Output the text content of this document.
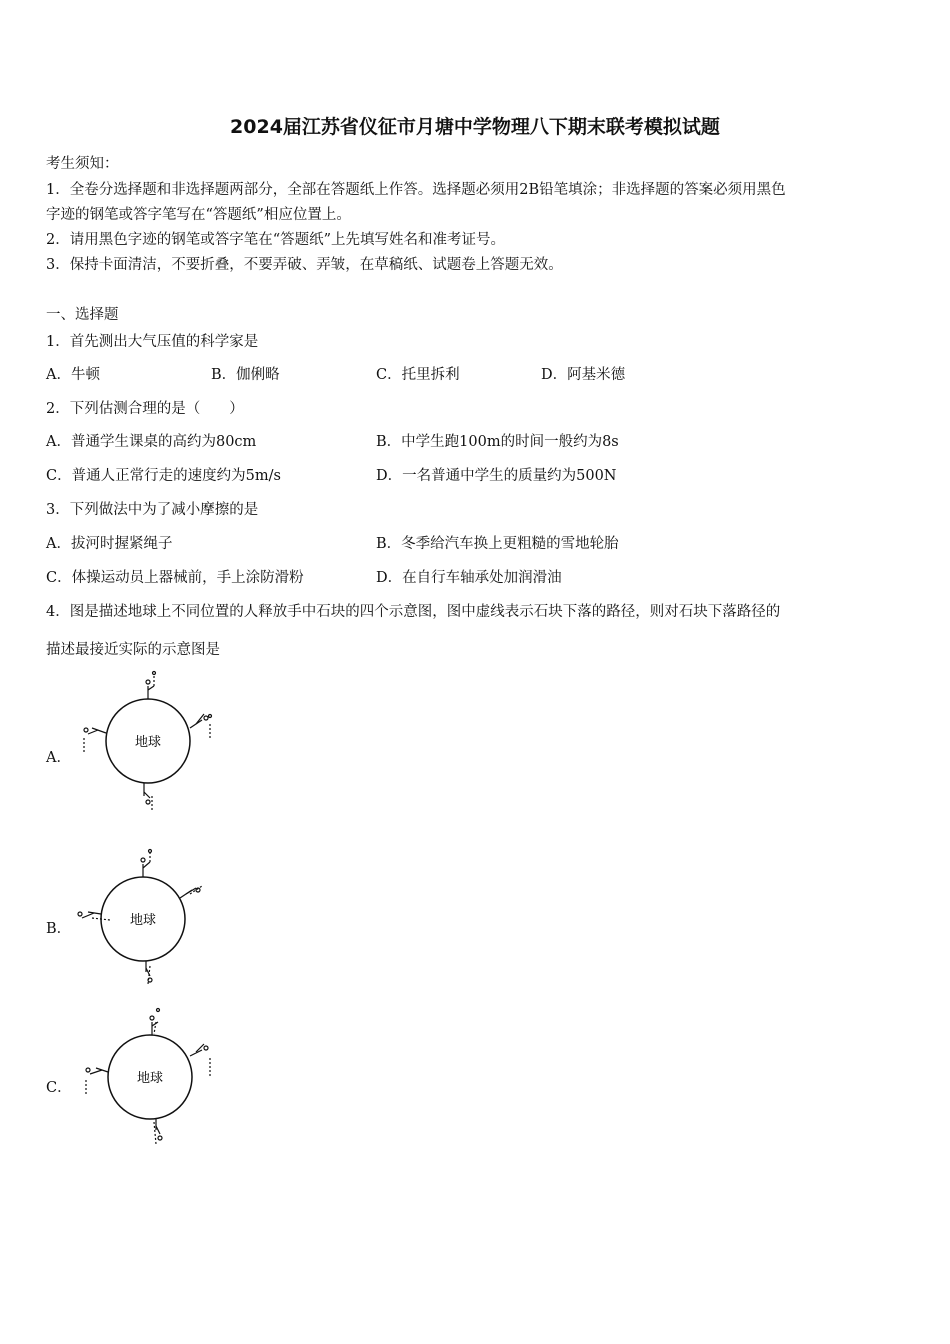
2024届江苏省仪征市月塘中学物理八下期末联考模拟试题
考生须知：
1．全卷分选择题和非选择题两部分，全部在答题纸上作答。选择题必须用2B铅笔填涂；非选择题的答案必须用黑色
字迹的钢笔或答字笔写在“答题纸”相应位置上。
2．请用黑色字迹的钢笔或答字笔在“答题纸”上先填写姓名和准考证号。
3．保持卡面清洁，不要折叠，不要弄破、弄皱，在草稿纸、试题卷上答题无效。
一、选择题
1．首先测出大气压值的科学家是
A．牛顿	B．伽俐略	C．托里拆利	D．阿基米德
2．下列估测合理的是（　　）
A．普通学生课桌的高约为80cm	B．中学生跑100m的时间一般约为8s
C．普通人正常行走的速度约为5m/s	D．一名普通中学生的质量约为500N
3．下列做法中为了减小摩擦的是
A．拔河时握紧绳子	B．冬季给汽车换上更粗糙的雪地轮胎
C．体操运动员上器械前，手上涂防滑粉	D．在自行车轴承处加润滑油
4．图是描述地球上不同位置的人释放手中石块的四个示意图，图中虚线表示石块下落的路径，则对石块下落路径的
描述最接近实际的示意图是
A．
地球
B．
地球
C．
地球
